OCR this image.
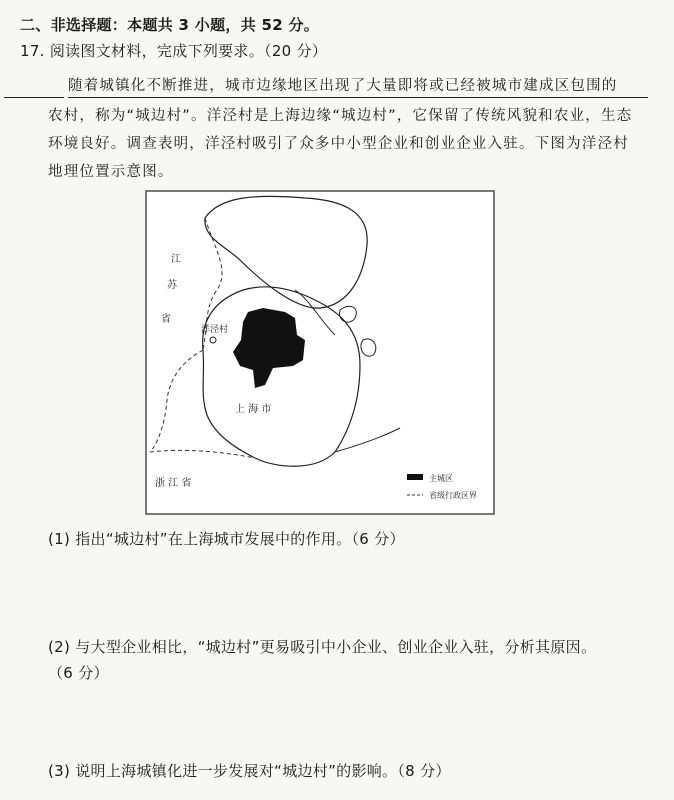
二、非选择题：本题共 3 小题，共 52 分。
17. 阅读图文材料，完成下列要求。（20 分）
随着城镇化不断推进，城市边缘地区出现了大量即将或已经被城市建成区包围的
农村，称为“城边村”。洋泾村是上海边缘“城边村”，它保留了传统风貌和农业，生态
环境良好。调查表明，洋泾村吸引了众多中小型企业和创业企业入驻。下图为洋泾村
地理位置示意图。
江
苏
省
洋泾村
上 海 市
浙 江 省	主城区
省级行政区界
(1) 指出“城边村”在上海城市发展中的作用。（6 分）
(2) 与大型企业相比，“城边村”更易吸引中小企业、创业企业入驻，分析其原因。
（6 分）
(3) 说明上海城镇化进一步发展对“城边村”的影响。（8 分）
